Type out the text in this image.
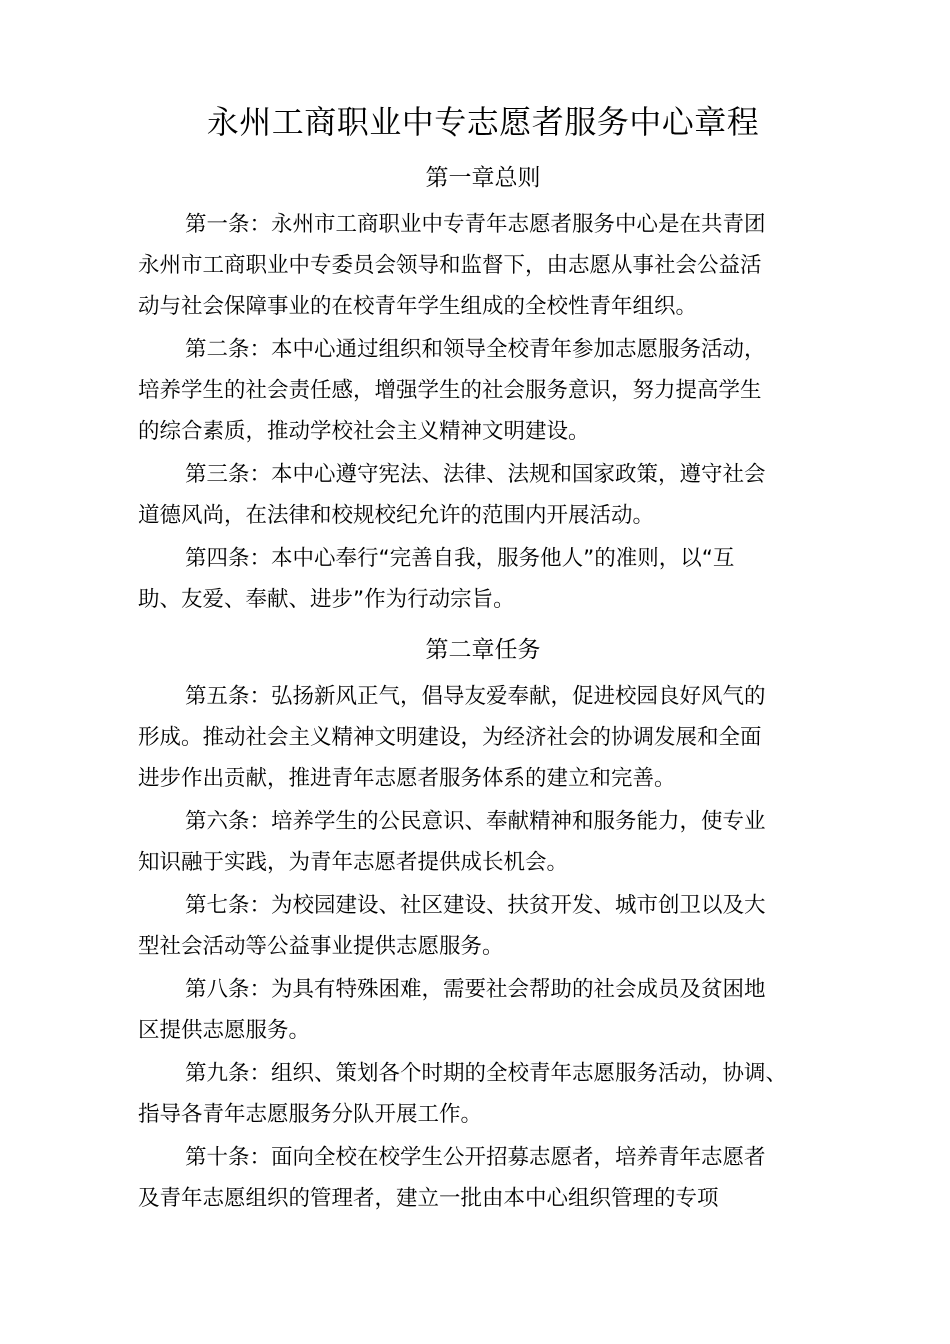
永州工商职业中专志愿者服务中心章程
第一章总则

第一条：永州市工商职业中专青年志愿者服务中心是在共青团
永州市工商职业中专委员会领导和监督下，由志愿从事社会公益活
动与社会保障事业的在校青年学生组成的全校性青年组织。

第二条：本中心通过组织和领导全校青年参加志愿服务活动，
培养学生的社会责任感，增强学生的社会服务意识，努力提高学生
的综合素质，推动学校社会主义精神文明建设。

第三条：本中心遵守宪法、法律、法规和国家政策，遵守社会
道德风尚，在法律和校规校纪允许的范围内开展活动。

第四条：本中心奉行“完善自我，服务他人”的准则，以“互
助、友爱、奉献、进步”作为行动宗旨。

第二章任务

第五条：弘扬新风正气，倡导友爱奉献，促进校园良好风气的
形成。推动社会主义精神文明建设，为经济社会的协调发展和全面
进步作出贡献，推进青年志愿者服务体系的建立和完善。

第六条：培养学生的公民意识、奉献精神和服务能力，使专业
知识融于实践，为青年志愿者提供成长机会。

第七条：为校园建设、社区建设、扶贫开发、城市创卫以及大
型社会活动等公益事业提供志愿服务。

第八条：为具有特殊困难，需要社会帮助的社会成员及贫困地
区提供志愿服务。

第九条：组织、策划各个时期的全校青年志愿服务活动，协调、
指导各青年志愿服务分队开展工作。

第十条：面向全校在校学生公开招募志愿者，培养青年志愿者
及青年志愿组织的管理者，建立一批由本中心组织管理的专项
